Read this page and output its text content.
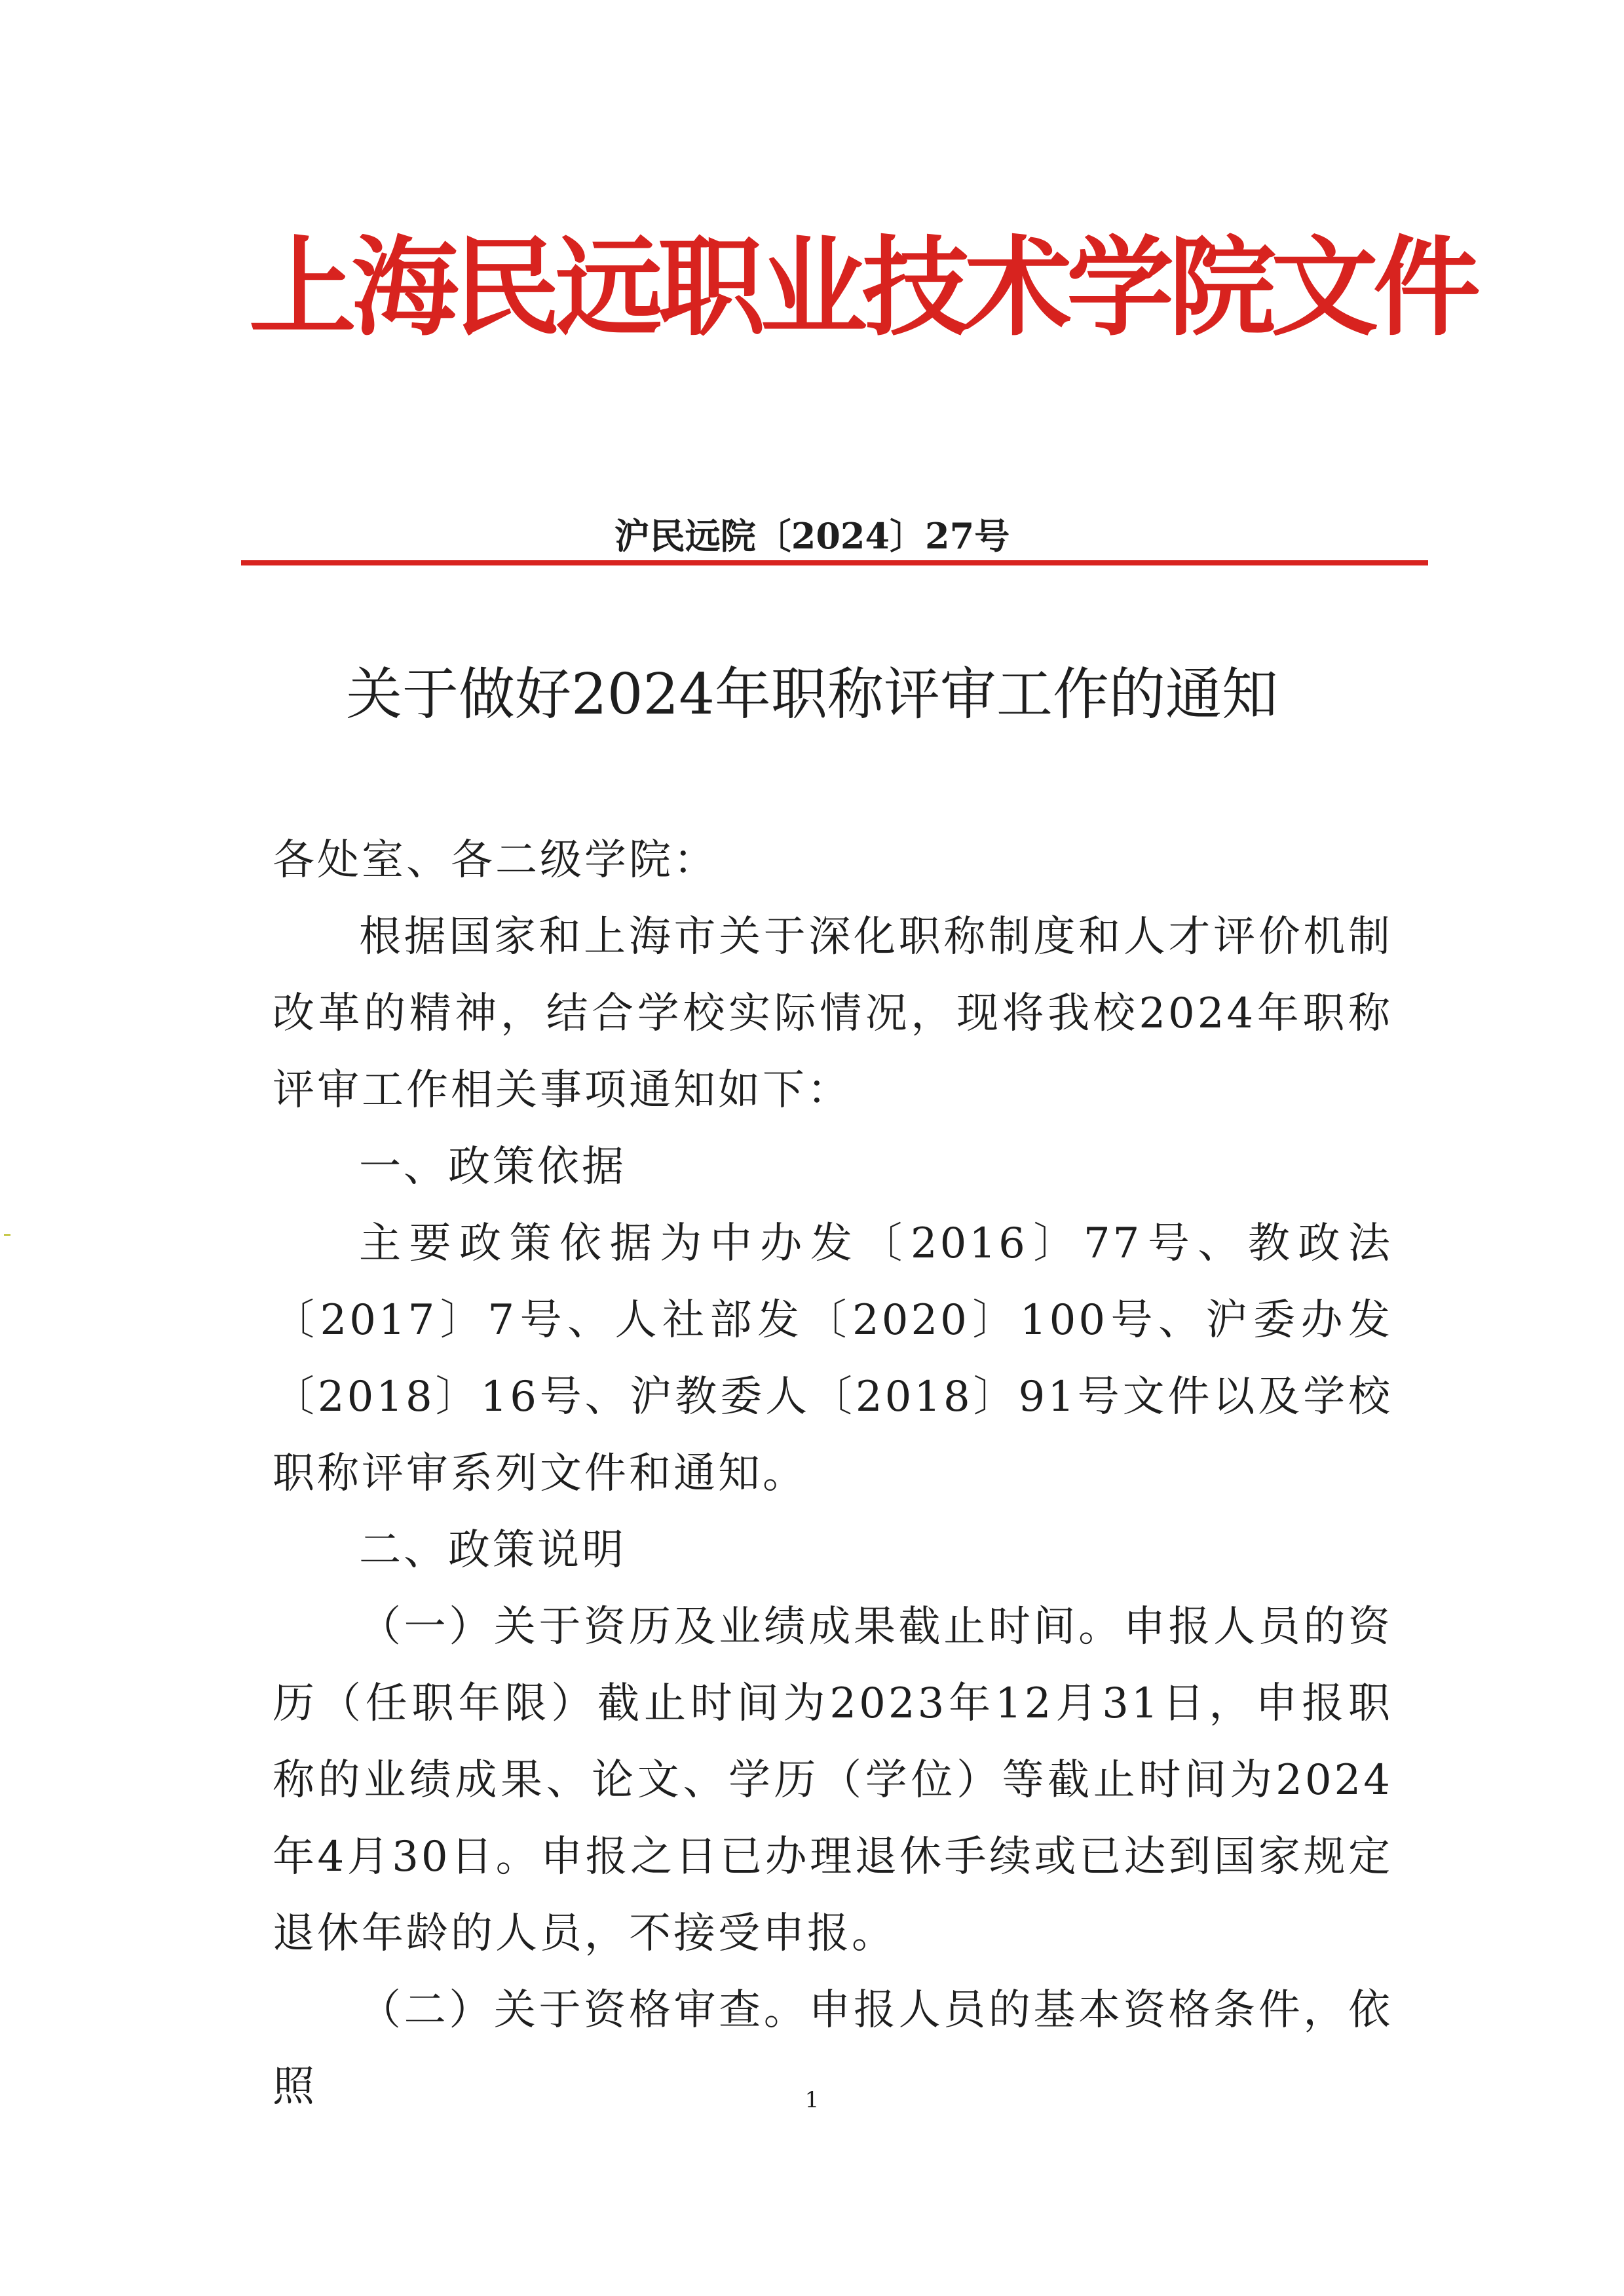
上海民远职业技术学院文件
沪民远院〔2024〕27号
关于做好2024年职称评审工作的通知

各处室、各二级学院：

根据国家和上海市关于深化职称制度和人才评价机制改革的精神，结合学校实际情况，现将我校2024年职称评审工作相关事项通知如下：

一、政策依据

主要政策依据为中办发〔2016〕77号、教政法〔2017〕7号、人社部发〔2020〕100号、沪委办发〔2018〕16号、沪教委人〔2018〕91号文件以及学校职称评审系列文件和通知。

二、政策说明

（一）关于资历及业绩成果截止时间。申报人员的资历（任职年限）截止时间为2023年12月31日，申报职称的业绩成果、论文、学历（学位）等截止时间为2024年4月30日。申报之日已办理退休手续或已达到国家规定退休年龄的人员，不接受申报。

（二）关于资格审查。申报人员的基本资格条件，依照	1
